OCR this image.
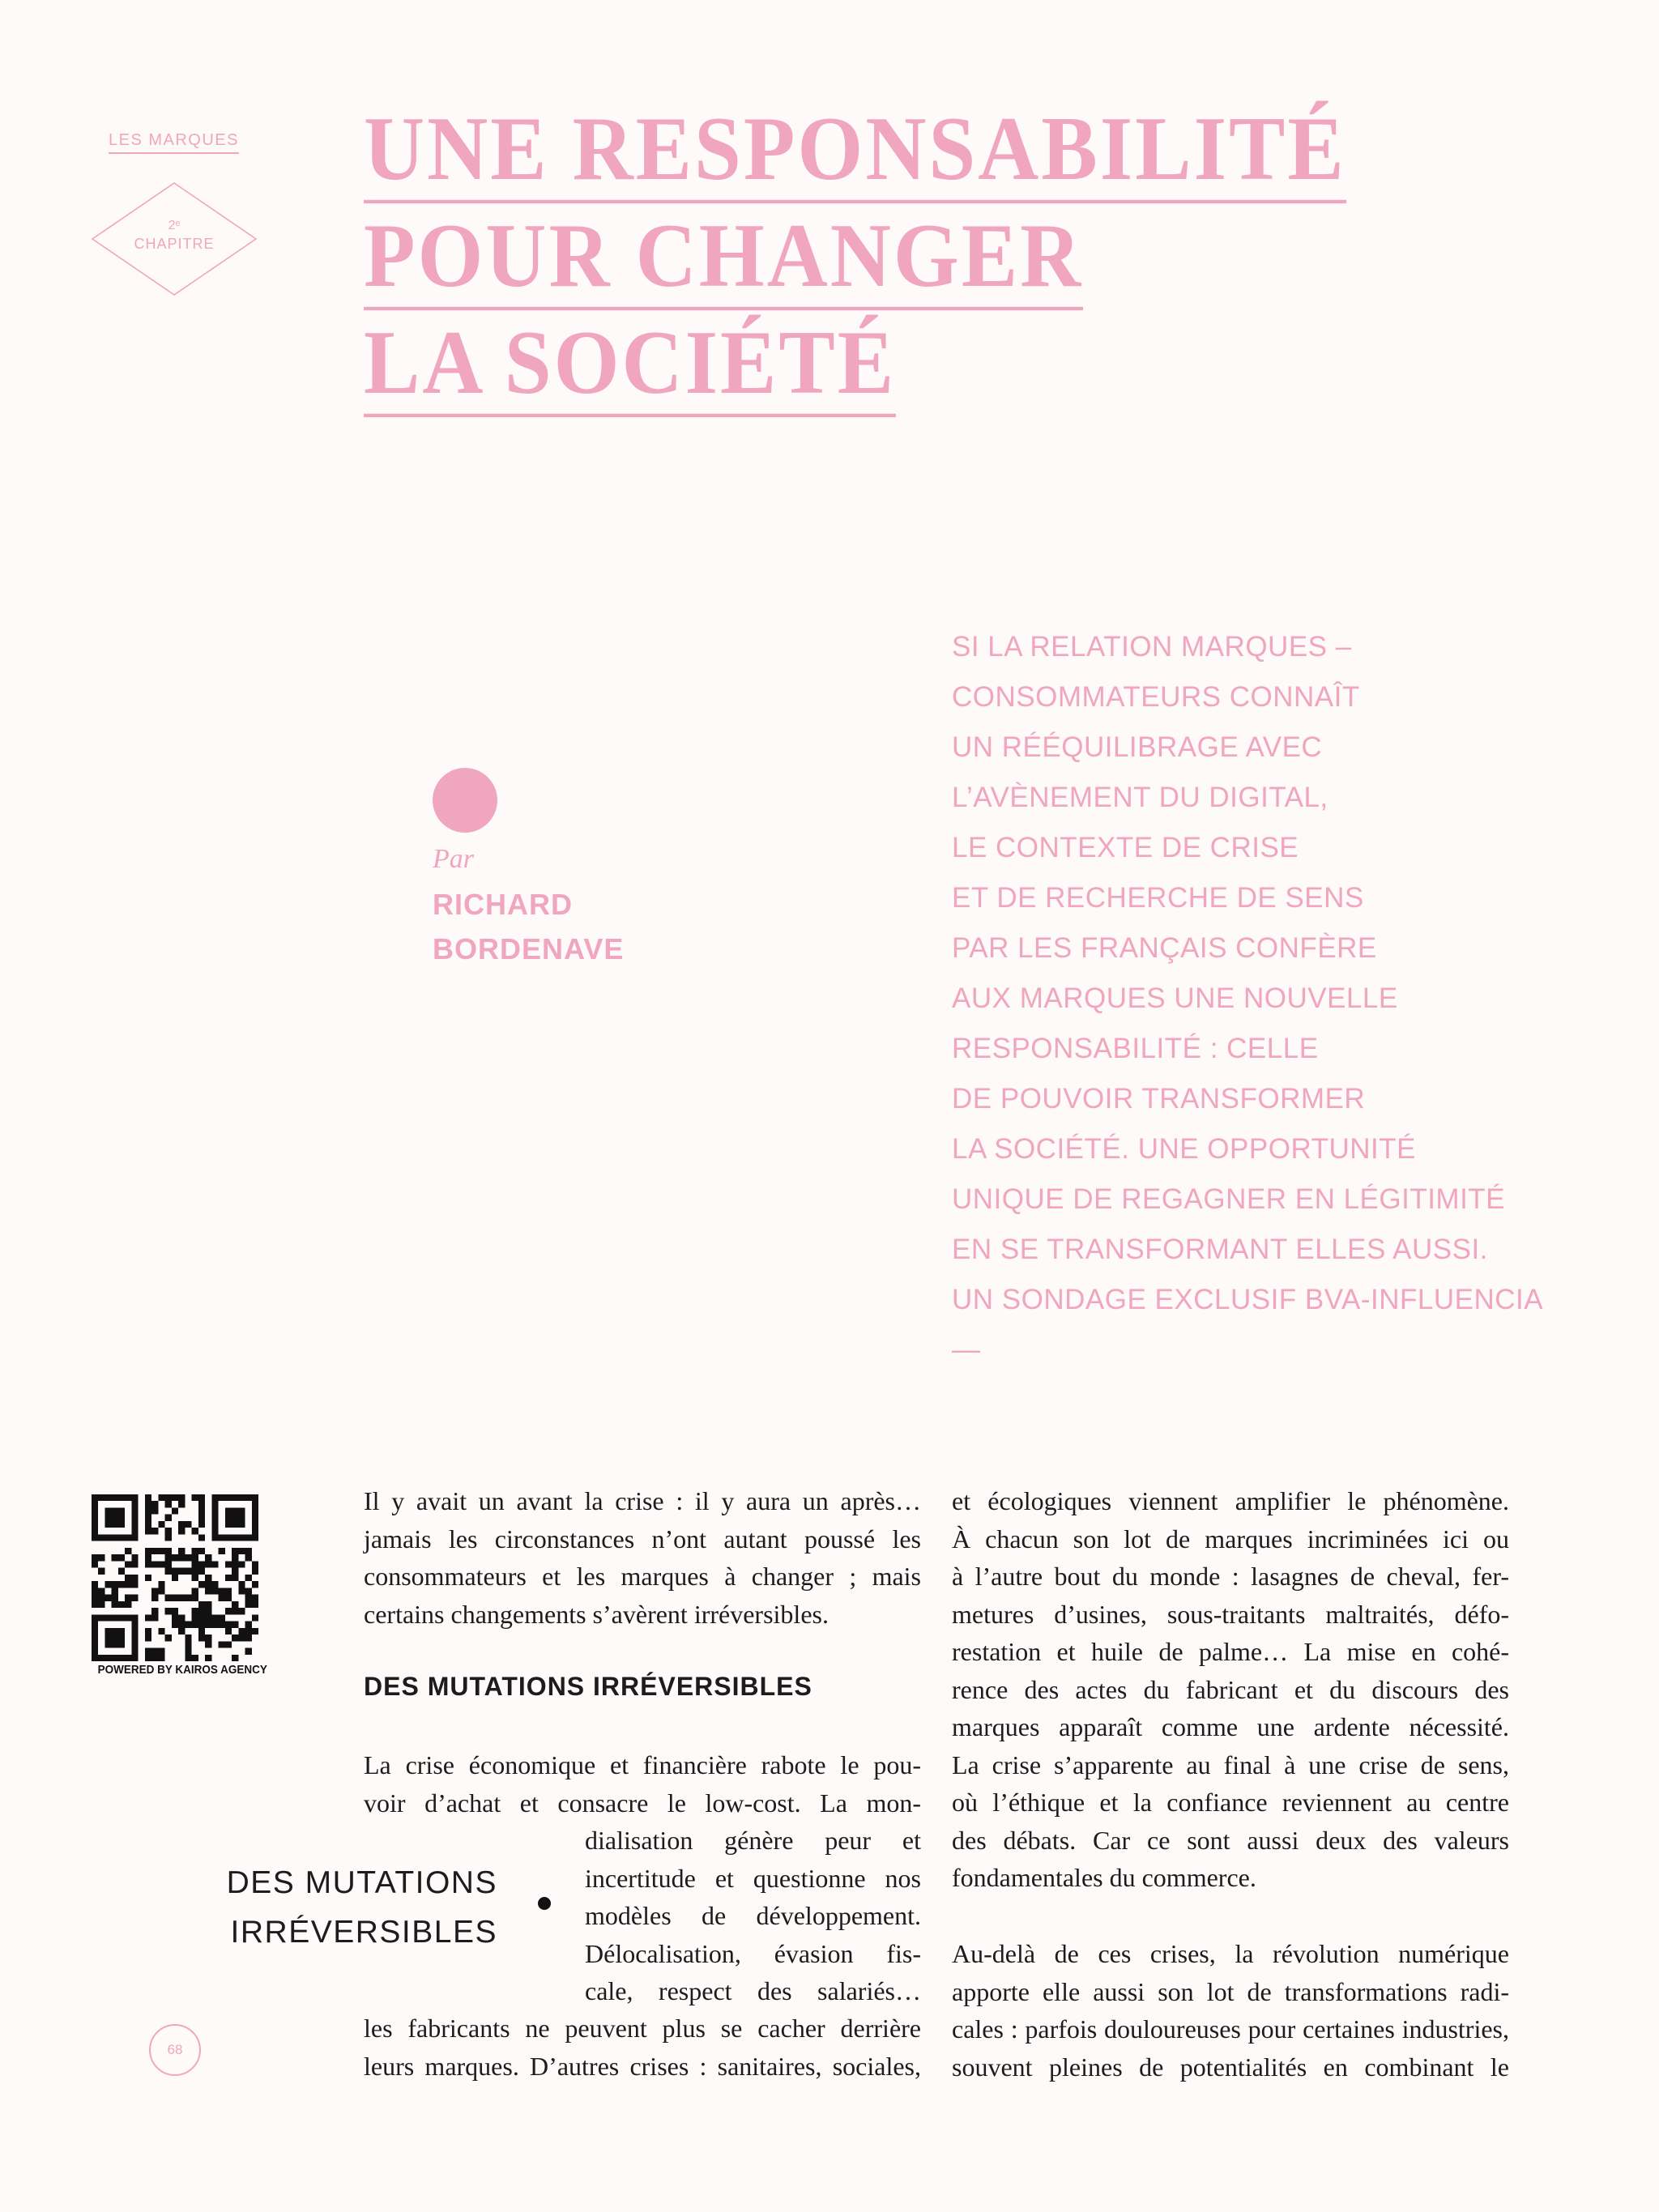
LES MARQUES
2ᵉ
CHAPITRE
UNE RESPONSABILITÉ
POUR CHANGER
LA SOCIÉTÉ
Par
RICHARD
BORDENAVE
SI LA RELATION MARQUES –
CONSOMMATEURS CONNAÎT
UN RÉÉQUILIBRAGE AVEC
L’AVÈNEMENT DU DIGITAL,
LE CONTEXTE DE CRISE
ET DE RECHERCHE DE SENS
PAR LES FRANÇAIS CONFÈRE
AUX MARQUES UNE NOUVELLE
RESPONSABILITÉ : CELLE
DE POUVOIR TRANSFORMER
LA SOCIÉTÉ. UNE OPPORTUNITÉ
UNIQUE DE REGAGNER EN LÉGITIMITÉ
EN SE TRANSFORMANT ELLES AUSSI.
UN SONDAGE EXCLUSIF BVA-INFLUENCIA
—
POWERED BY KAIROS AGENCY
Il y avait un avant la crise : il y aura un après…
jamais les circonstances n’ont autant poussé les
consommateurs et les marques à changer ; mais
certains changements s’avèrent irréversibles.
DES MUTATIONS IRRÉVERSIBLES
La crise économique et financière rabote le pou-
voir d’achat et consacre le low-cost. La mon-
dialisation génère peur et
incertitude et questionne nos
modèles de développement.
Délocalisation, évasion fis-
cale, respect des salariés…
les fabricants ne peuvent plus se cacher derrière
leurs marques. D’autres crises : sanitaires, sociales,
et écologiques viennent amplifier le phénomène.
À chacun son lot de marques incriminées ici ou
à l’autre bout du monde : lasagnes de cheval, fer-
metures d’usines, sous-traitants maltraités, défo-
restation et huile de palme… La mise en cohé-
rence des actes du fabricant et du discours des
marques apparaît comme une ardente nécessité.
La crise s’apparente au final à une crise de sens,
où l’éthique et la confiance reviennent au centre
des débats. Car ce sont aussi deux des valeurs
fondamentales du commerce.
Au-delà de ces crises, la révolution numérique
apporte elle aussi son lot de transformations radi-
cales : parfois douloureuses pour certaines industries,
souvent pleines de potentialités en combinant le
DES MUTATIONS
IRRÉVERSIBLES
68
